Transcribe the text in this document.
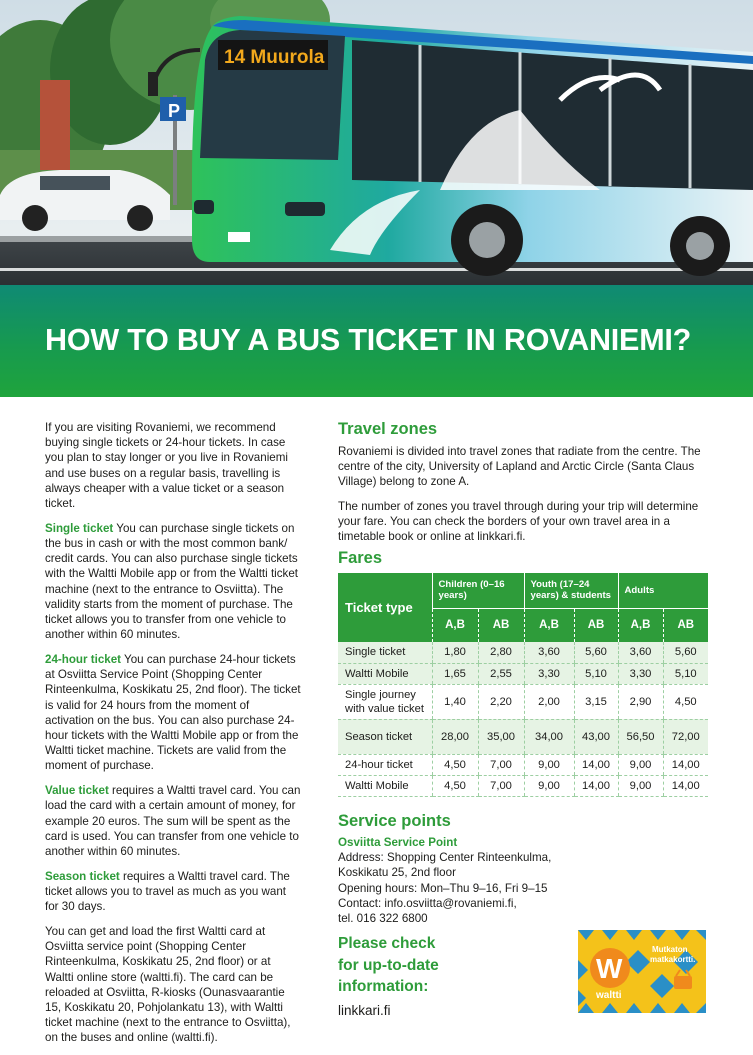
P
14 Muurola
HOW TO BUY A BUS TICKET IN ROVANIEMI?

If you are visiting Rovaniemi, we recommend buying single tickets or 24-hour tickets. In case you plan to stay longer or you live in Rovaniemi and use buses on a regular basis, travelling is always cheaper with a value ticket or a season ticket.

Single ticket You can purchase single tickets on the bus in cash or with the most common bank/ credit cards. You can also purchase single tickets with the Waltti Mobile app or from the Waltti ticket machine (next to the entrance to Osviitta). The validity starts from the moment of purchase. The ticket allows you to transfer from one vehicle to another within 60 minutes.

24-hour ticket You can purchase 24-hour tickets at Osviitta Service Point (Shopping Center Rinteenkulma, Koskikatu 25, 2nd floor). The ticket is valid for 24 hours from the moment of activation on the bus. You can also purchase 24-hour tickets with the Waltti Mobile app or from the Waltti ticket machine. Tickets are valid from the moment of purchase.

Value ticket requires a Waltti travel card. You can load the card with a certain amount of money, for example 20 euros. The sum will be spent as the card is used. You can transfer from one vehicle to another within 60 minutes.

Season ticket requires a Waltti travel card. The ticket allows you to travel as much as you want for 30 days.

You can get and load the first Waltti card at Osviitta service point (Shopping Center Rinteenkulma, Koskikatu 25, 2nd floor) or at Waltti online store (waltti.fi). The card can be reloaded at Osviitta, R-kiosks (Ounasvaarantie 15, Koskikatu 20, Pohjolankatu 13), with Waltti ticket machine (next to the entrance to Osviitta), on the buses and online (waltti.fi).

Travel zones

Rovaniemi is divided into travel zones that radiate from the centre. The centre of the city, University of Lapland and Arctic Circle (Santa Claus Village) belong to zone A.

The number of zones you travel through during your trip will determine your fare. You can check the borders of your own travel area in a timetable book or online at linkkari.fi.

Fares
Ticket type	Children (0–16 years)		Youth (17–24 years) & students		Adults	
	A,B	AB	A,B	AB	A,B	AB
Single ticket	1,80	2,80	3,60	5,60	3,60	5,60
Waltti Mobile	1,65	2,55	3,30	5,10	3,30	5,10
Single journey with value ticket	1,40	2,20	2,00	3,15	2,90	4,50
Season ticket	28,00	35,00	34,00	43,00	56,50	72,00
24-hour ticket	4,50	7,00	9,00	14,00	9,00	14,00
Waltti Mobile	4,50	7,00	9,00	14,00	9,00	14,00
Service points
Osviitta Service Point
Address: Shopping Center Rinteenkulma,
Koskikatu 25, 2nd floor
Opening hours: Mon–Thu 9–16, Fri 9–15
Contact: info.osviitta@rovaniemi.fi,
tel. 016 322 6800
Please check
for up-to-date
information:
linkkari.fi
W
waltti
Mutkaton
matkakortti.
